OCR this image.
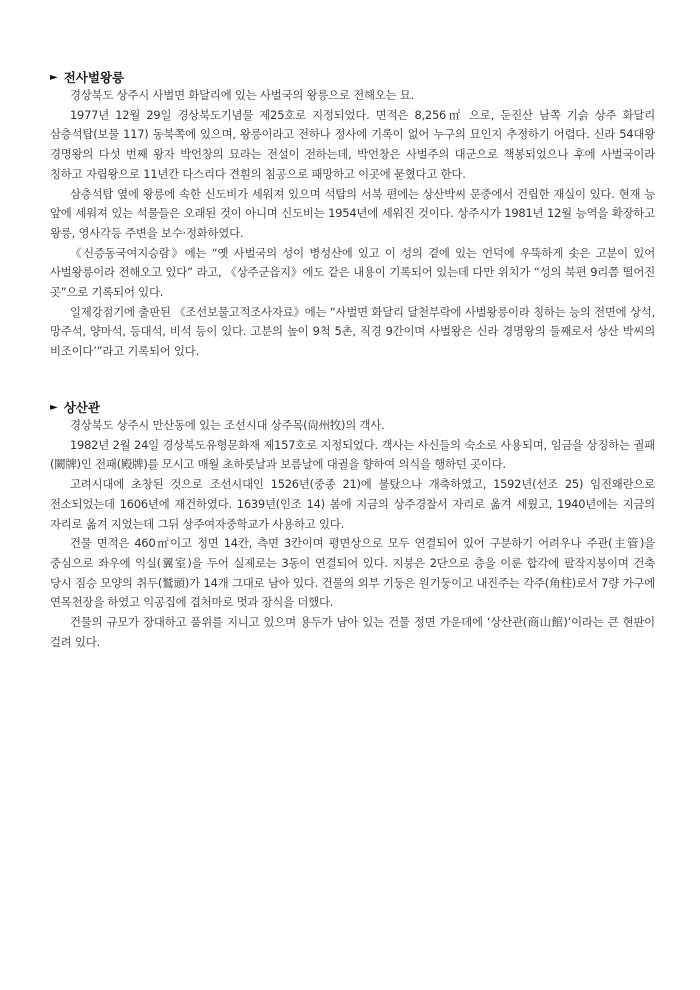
► 전사벌왕릉

경상북도 상주시 사벌면 화달리에 있는 사벌국의 왕릉으로 전해오는 묘.

1977년 12월 29일 경상북도기념물 제25호로 지정되었다. 면적은 8,256㎡ 으로, 둔진산 남쪽 기슭 상주 화달리 삼층석탑(보물 117) 동북쪽에 있으며, 왕릉이라고 전하나 정사에 기록이 없어 누구의 묘인지 추정하기 어렵다. 신라 54대왕 경명왕의 다섯 번째 왕자 박언창의 묘라는 전설이 전하는데, 박언창은 사벌주의 대군으로 책봉되었으나 후에 사벌국이라 칭하고 자립왕으로 11년간 다스리다 견훤의 침공으로 패망하고 이곳에 묻혔다고 한다.

삼층석탑 옆에 왕릉에 속한 신도비가 세워져 있으며 석탑의 서북 편에는 상산박씨 문중에서 건립한 재실이 있다. 현재 능 앞에 세워져 있는 석물들은 오래된 것이 아니며 신도비는 1954년에 세워진 것이다. 상주시가 1981년 12월 능역을 확장하고 왕릉, 영사각등 주변을 보수·정화하였다.

《신증동국여지승람》에는 “옛 사벌국의 성이 병성산에 있고 이 성의 곁에 있는 언덕에 우뚝하게 솟은 고분이 있어 사벌왕릉이라 전해오고 있다” 라고, 《상주군읍지》에도 같은 내용이 기록되어 있는데 다만 위치가 “성의 북편 9리쯤 떨어진 곳”으로 기록되어 있다.

일제강점기에 출판된 《조선보물고적조사자료》에는 “사벌면 화달리 달천부락에 사벌왕릉이라 칭하는 능의 전면에 상석, 망주석, 양마석, 등대석, 비석 등이 있다. 고분의 높이 9척 5촌, 직경 9간이며 사벌왕은 신라 경명왕의 둘째로서 상산 박씨의 비조이다’”라고 기록되어 있다.

► 상산관

경상북도 상주시 만산동에 있는 조선시대 상주목(尙州牧)의 객사.

1982년 2월 24일 경상북도유형문화재 제157호로 지정되었다. 객사는 사신들의 숙소로 사용되며, 임금을 상징하는 궐패(闕牌)인 전패(殿牌)를 모시고 매월 초하룻날과 보름날에 대궐을 향하여 의식을 행하던 곳이다.

고려시대에 초창된 것으로 조선시대인 1526년(중종 21)에 불탔으나 개축하였고, 1592년(선조 25) 임진왜란으로 전소되었는데 1606년에 재건하였다. 1639년(인조 14) 봄에 지금의 상주경찰서 자리로 옮겨 세웠고, 1940년에는 지금의 자리로 옮겨 지었는데 그뒤 상주여자중학교가 사용하고 있다.

건물 면적은 460㎡이고 정면 14칸, 측면 3칸이며 평면상으로 모두 연결되어 있어 구분하기 어려우나 주관(主管)을 중심으로 좌우에 익실(翼室)을 두어 실제로는 3동이 연결되어 있다. 지붕은 2단으로 층을 이룬 합각에 팔작지붕이며 건축 당시 짐승 모양의 취두(鷲頭)가 14개 그대로 남아 있다. 건물의 외부 기둥은 원기둥이고 내진주는 각주(角柱)로서 7량 가구에 연목천장을 하였고 익공집에 겹처마로 멋과 장식을 더했다.

건물의 규모가 장대하고 품위를 지니고 있으며 용두가 남아 있는 건물 정면 가운데에 ‘상산관(商山館)’이라는 큰 현판이 걸려 있다.
